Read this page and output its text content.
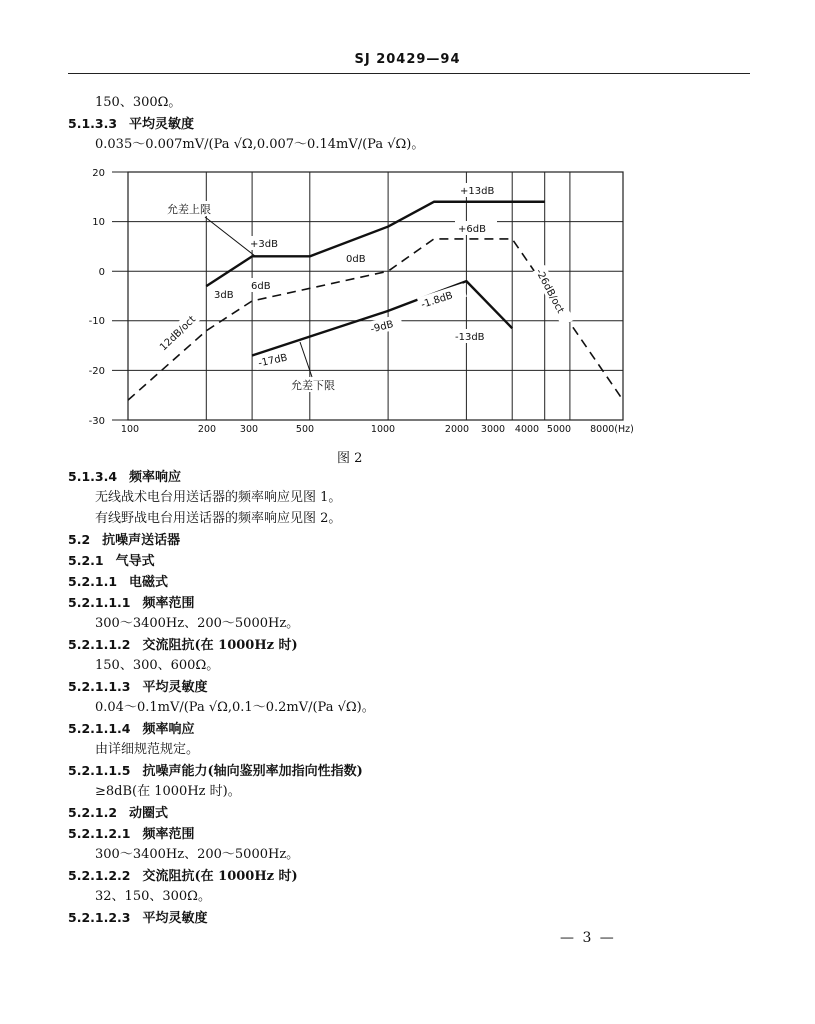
SJ 20429—94
150、300Ω。
5.1.3.3 平均灵敏度
0.035～0.007mV/(Pa √Ω,0.007～0.14mV/(Pa √Ω)。
20
10
0
-10
-20
-30
100	200	300	500	1000	2000 3000 4000 5000 8000(Hz)
+13dB
+6dB
+3dB
0dB
6dB
3dB	-1.8dB
-9dB
-13dB
-17dB
12dB/oct
-26dB/oct
允差上限
允差下限
图 2
5.1.3.4 频率响应
无线战术电台用送话器的频率响应见图 1。
有线野战电台用送话器的频率响应见图 2。
5.2 抗噪声送话器
5.2.1 气导式
5.2.1.1 电磁式
5.2.1.1.1 频率范围
300～3400Hz、200～5000Hz。
5.2.1.1.2 交流阻抗(在 1000Hz 时)
150、300、600Ω。
5.2.1.1.3 平均灵敏度
0.04～0.1mV/(Pa √Ω,0.1～0.2mV/(Pa √Ω)。
5.2.1.1.4 频率响应
由详细规范规定。
5.2.1.1.5 抗噪声能力(轴向鉴别率加指向性指数)
≥8dB(在 1000Hz 时)。
5.2.1.2 动圈式
5.2.1.2.1 频率范围
300～3400Hz、200～5000Hz。
5.2.1.2.2 交流阻抗(在 1000Hz 时)
32、150、300Ω。
5.2.1.2.3 平均灵敏度
— 3 —
